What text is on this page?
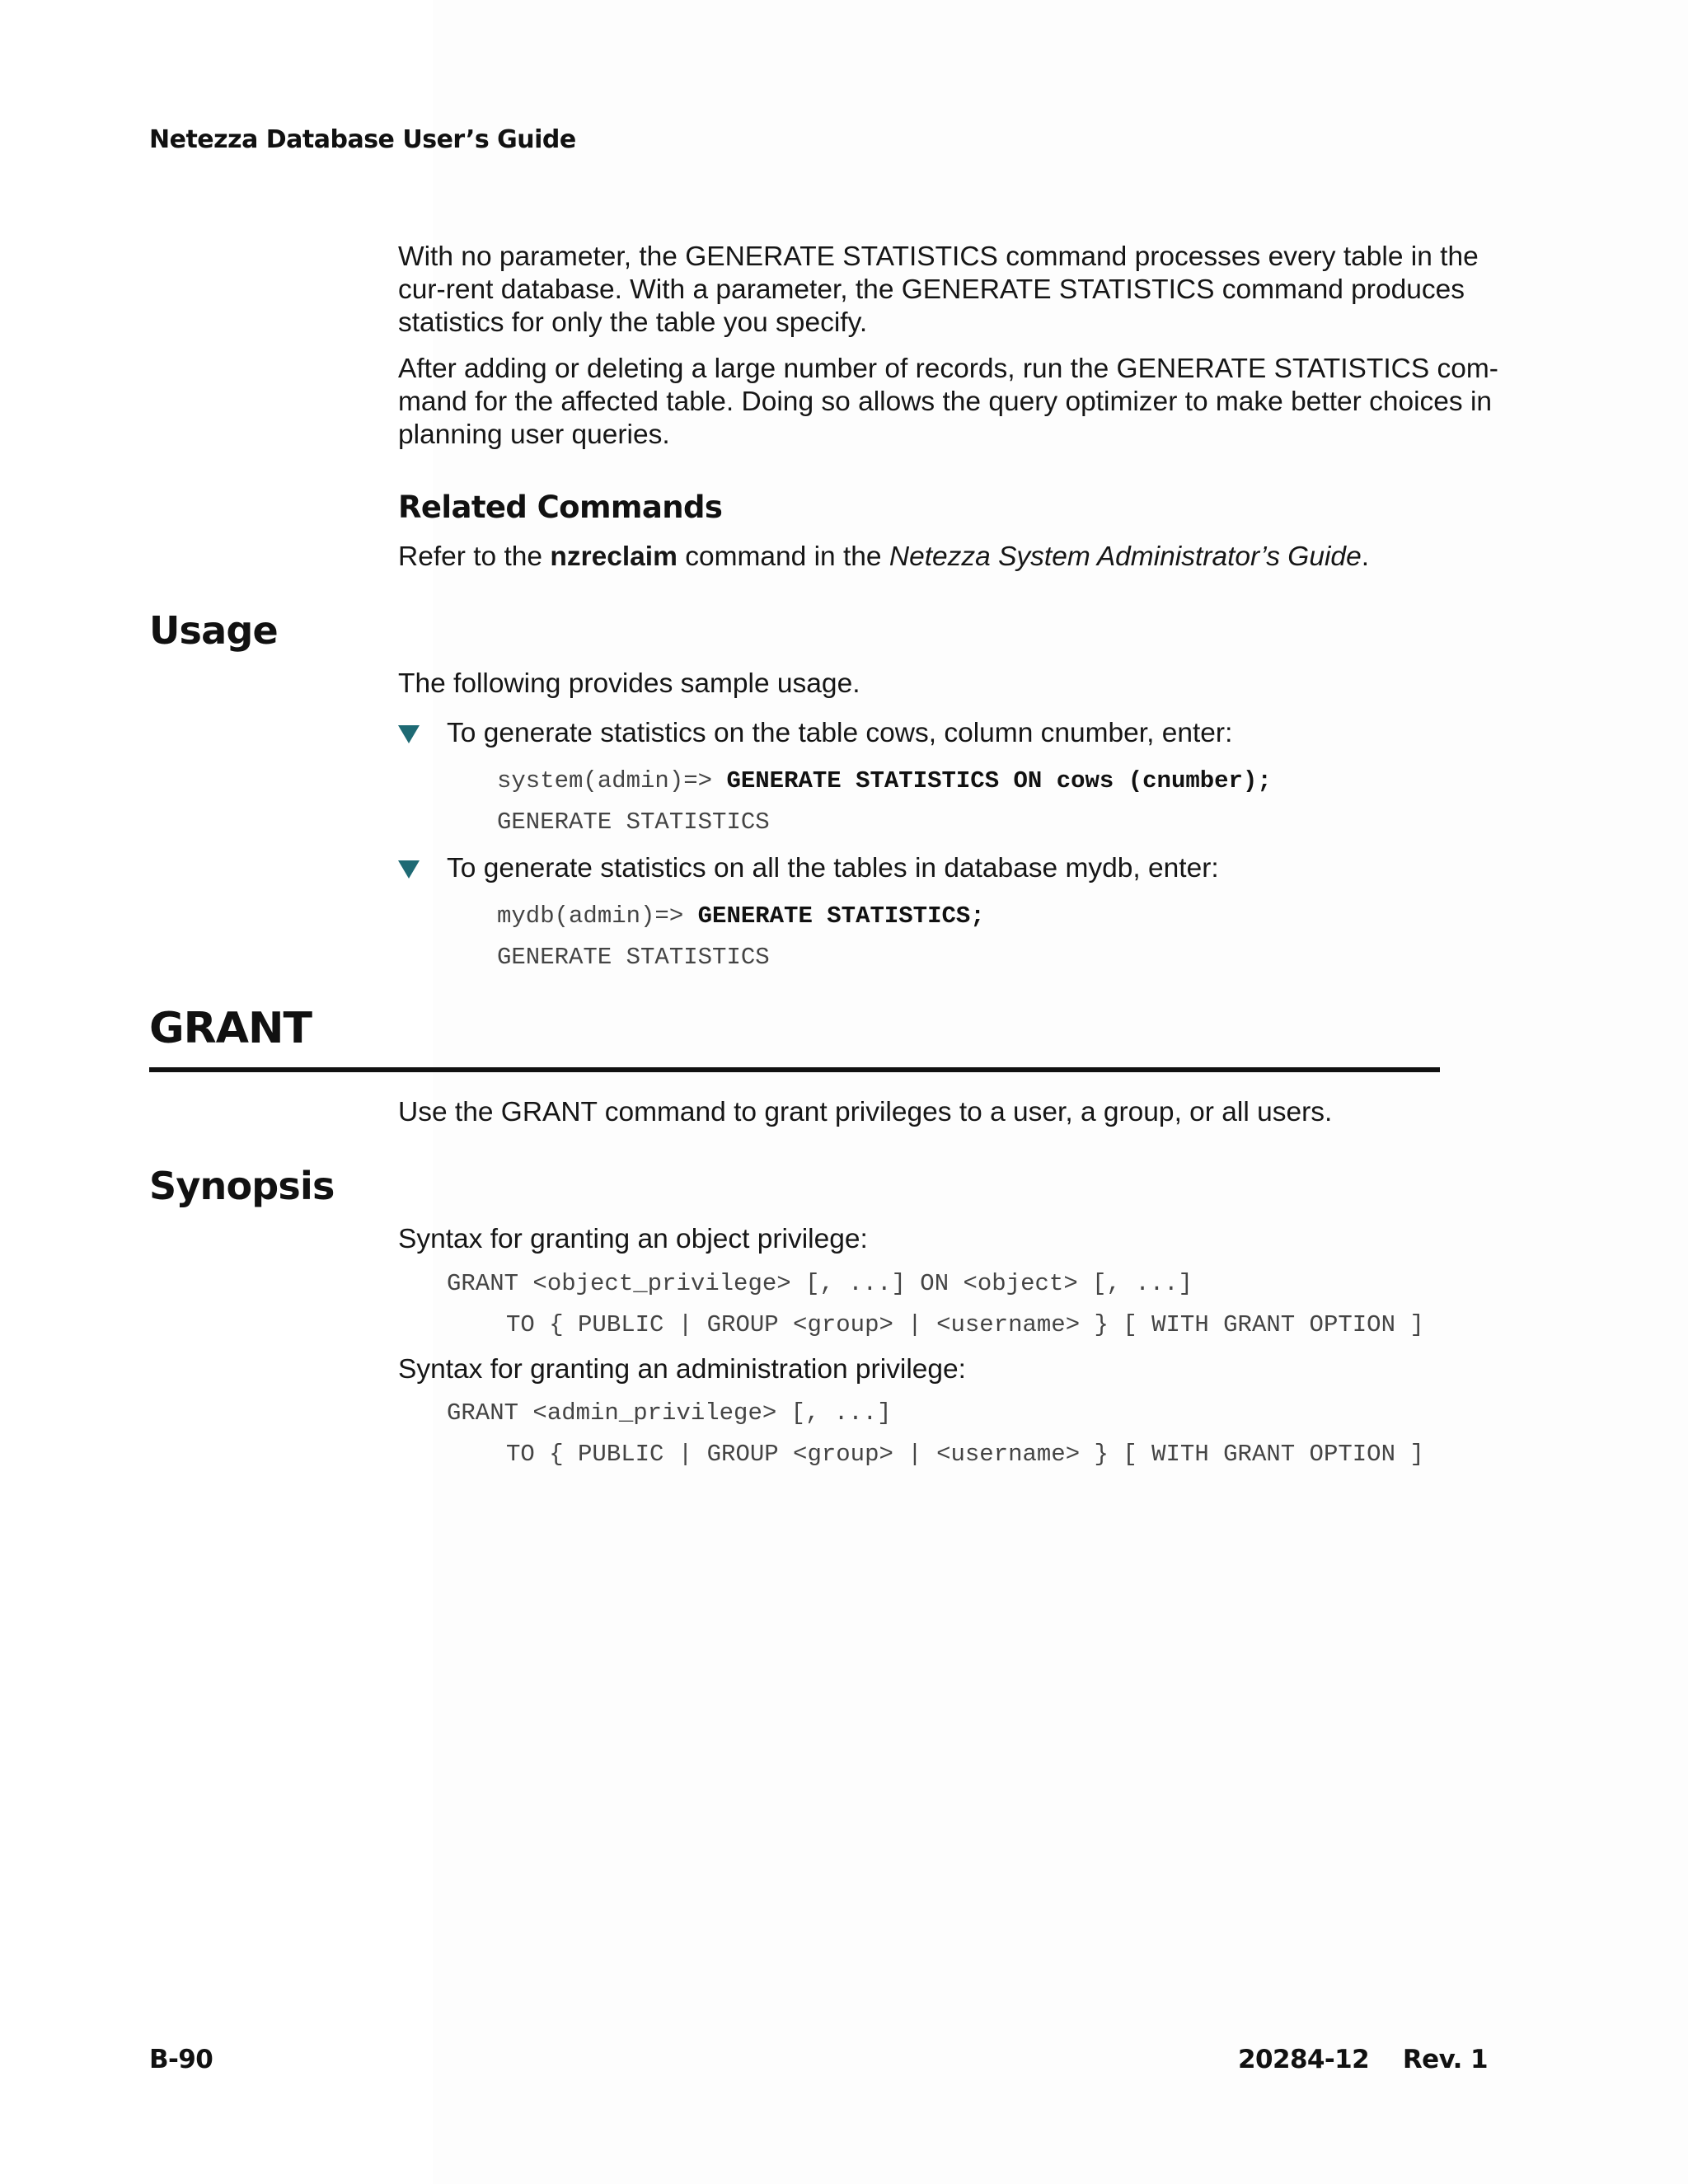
Netezza Database User’s Guide

With no parameter, the GENERATE STATISTICS command processes every table in the cur-rent database. With a parameter, the GENERATE STATISTICS command produces statistics for only the table you specify.

After adding or deleting a large number of records, run the GENERATE STATISTICS com-mand for the affected table. Doing so allows the query optimizer to make better choices in planning user queries.

Related Commands

Refer to the nzreclaim command in the Netezza System Administrator’s Guide.

Usage

The following provides sample usage.

To generate statistics on the table cows, column cnumber, enter:
system(admin)=> GENERATE STATISTICS ON cows (cnumber);
GENERATE STATISTICS
To generate statistics on all the tables in database mydb, enter:
mydb(admin)=> GENERATE STATISTICS;
GENERATE STATISTICS
GRANT

Use the GRANT command to grant privileges to a user, a group, or all users.

Synopsis

Syntax for granting an object privilege:

GRANT <object_privilege> [, ...] ON <object> [, ...]
TO { PUBLIC | GROUP <group> | <username> } [ WITH GRANT OPTION ]

Syntax for granting an administration privilege:

GRANT <admin_privilege> [, ...]
TO { PUBLIC | GROUP <group> | <username> } [ WITH GRANT OPTION ]
B-90	20284-12 Rev. 1
